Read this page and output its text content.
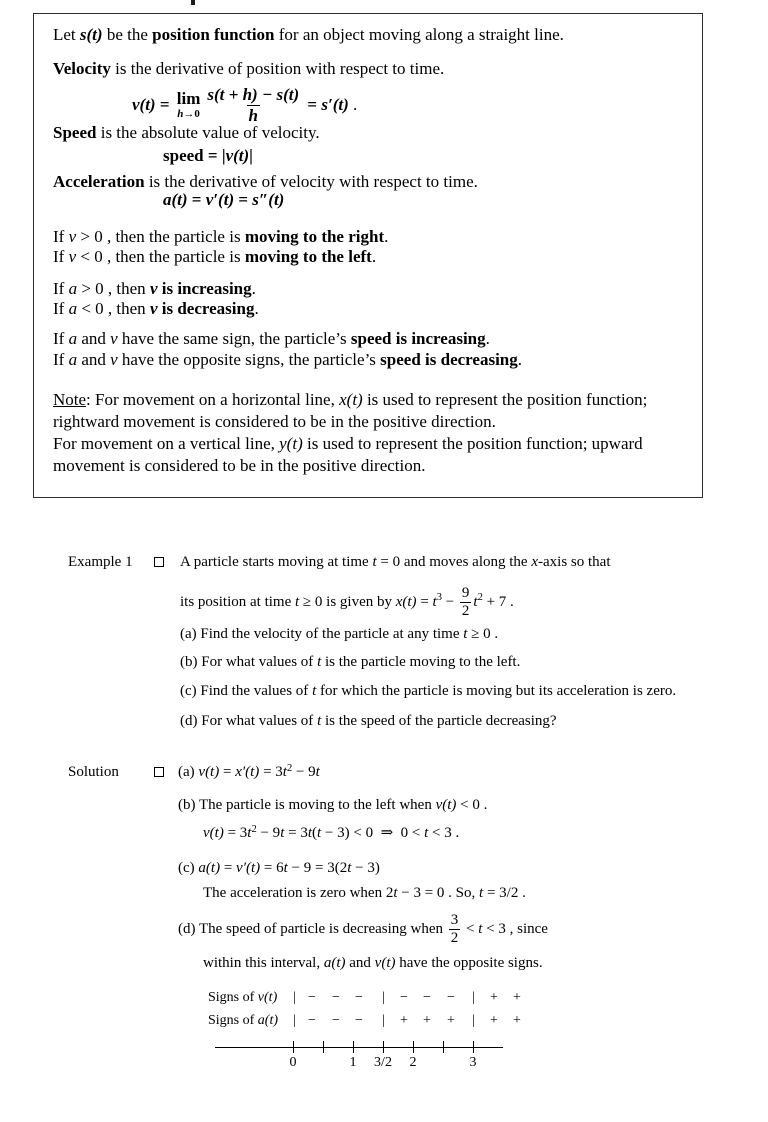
Let s(t) be the position function for an object moving along a straight line.
Velocity is the derivative of position with respect to time.
v(t) = lim
$h\to 0 \frac{s(t + h) - s(t)}{h} = s'(t)$ .
Speed is the absolute value of velocity.
speed = |v(t)|
Acceleration is the derivative of velocity with respect to time.
a(t) = v′(t) = s″(t)
If v > 0 , then the particle is moving to the right.
If v < 0 , then the particle is moving to the left.
If a > 0 , then v is increasing.
If a < 0 , then v is decreasing.
If a and v have the same sign, the particle’s speed is increasing.
If a and v have the opposite signs, the particle’s speed is decreasing.
Note: For movement on a horizontal line, x(t) is used to represent the position function;
rightward movement is considered to be in the positive direction.
For movement on a vertical line, y(t) is used to represent the position function; upward
movement is considered to be in the positive direction.
Example 1	A particle starts moving at time t = 0 and moves along the x-axis so that
its position at time t ≥ 0 is given by x(t) = t $3 - \frac{9}{2}$ t 2 + 7 .
(a) Find the velocity of the particle at any time t ≥ 0 .
(b) For what values of t is the particle moving to the left.
(c) Find the values of t for which the particle is moving but its acceleration is zero.
(d) For what values of t is the speed of the particle decreasing?
Solution	(a) $v(t) = x'(t) = 3t^2 - 9t$
(b) The particle is moving to the left when v(t) < 0 .
$v(t) = 3t^2 - 9t = 3t(t - 3) < 0$  ⇒  0 < t < 3 .
(c) a(t) = v′(t) = 6t − 9 = 3(2t − 3)
The acceleration is zero when 2t − 3 = 0 . So, t = 3/2 .
(d) The speed of particle is decreasing when $\frac{3}{2} < t < 3$ , since
within this interval, a(t) and v(t) have the opposite signs.
Signs of v(t) | − − − | − − − | + +
Signs of a(t) | − − − | + + + | + +
0	1 3/2 2	3
